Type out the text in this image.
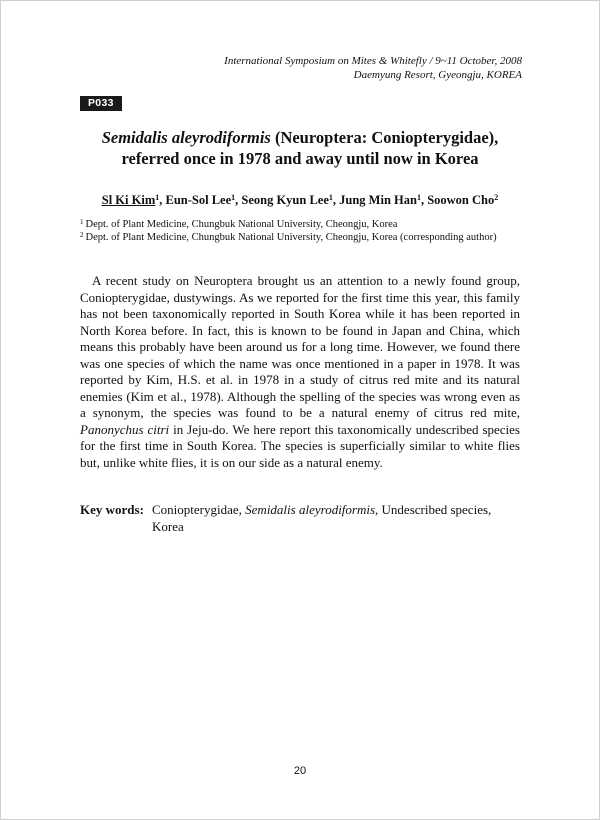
International Symposium on Mites & Whitefly / 9~11 October, 2008
Daemyung Resort, Gyeongju, KOREA
P033
Semidalis aleyrodiformis (Neuroptera: Coniopterygidae),
referred once in 1978 and away until now in Korea
Sl Ki Kim$^1$, Eun-Sol Lee$^1$, Seong Kyun Lee$^1$, Jung Min Han$^1$, Soowon Cho$^2$
$^1$ Dept. of Plant Medicine, Chungbuk National University, Cheongju, Korea
$^2$ Dept. of Plant Medicine, Chungbuk National University, Cheongju, Korea (corresponding author)

A recent study on Neuroptera brought us an attention to a newly found group, Coniopterygidae, dustywings. As we reported for the first time this year, this family has not been taxonomically reported in South Korea while it has been reported in North Korea before. In fact, this is known to be found in Japan and China, which means this probably have been around us for a long time. However, we found there was one species of which the name was once mentioned in a paper in 1978. It was reported by Kim, H.S. et al. in 1978 in a study of citrus red mite and its natural enemies (Kim et al., 1978). Although the spelling of the species was wrong even as a synonym, the species was found to be a natural enemy of citrus red mite, Panonychus citri in Jeju-do. We here report this taxonomically undescribed species for the first time in South Korea. The species is superficially similar to white flies but, unlike white flies, it is on our side as a natural enemy.

Key words: Coniopterygidae, Semidalis aleyrodiformis, Undescribed species, Korea
20
